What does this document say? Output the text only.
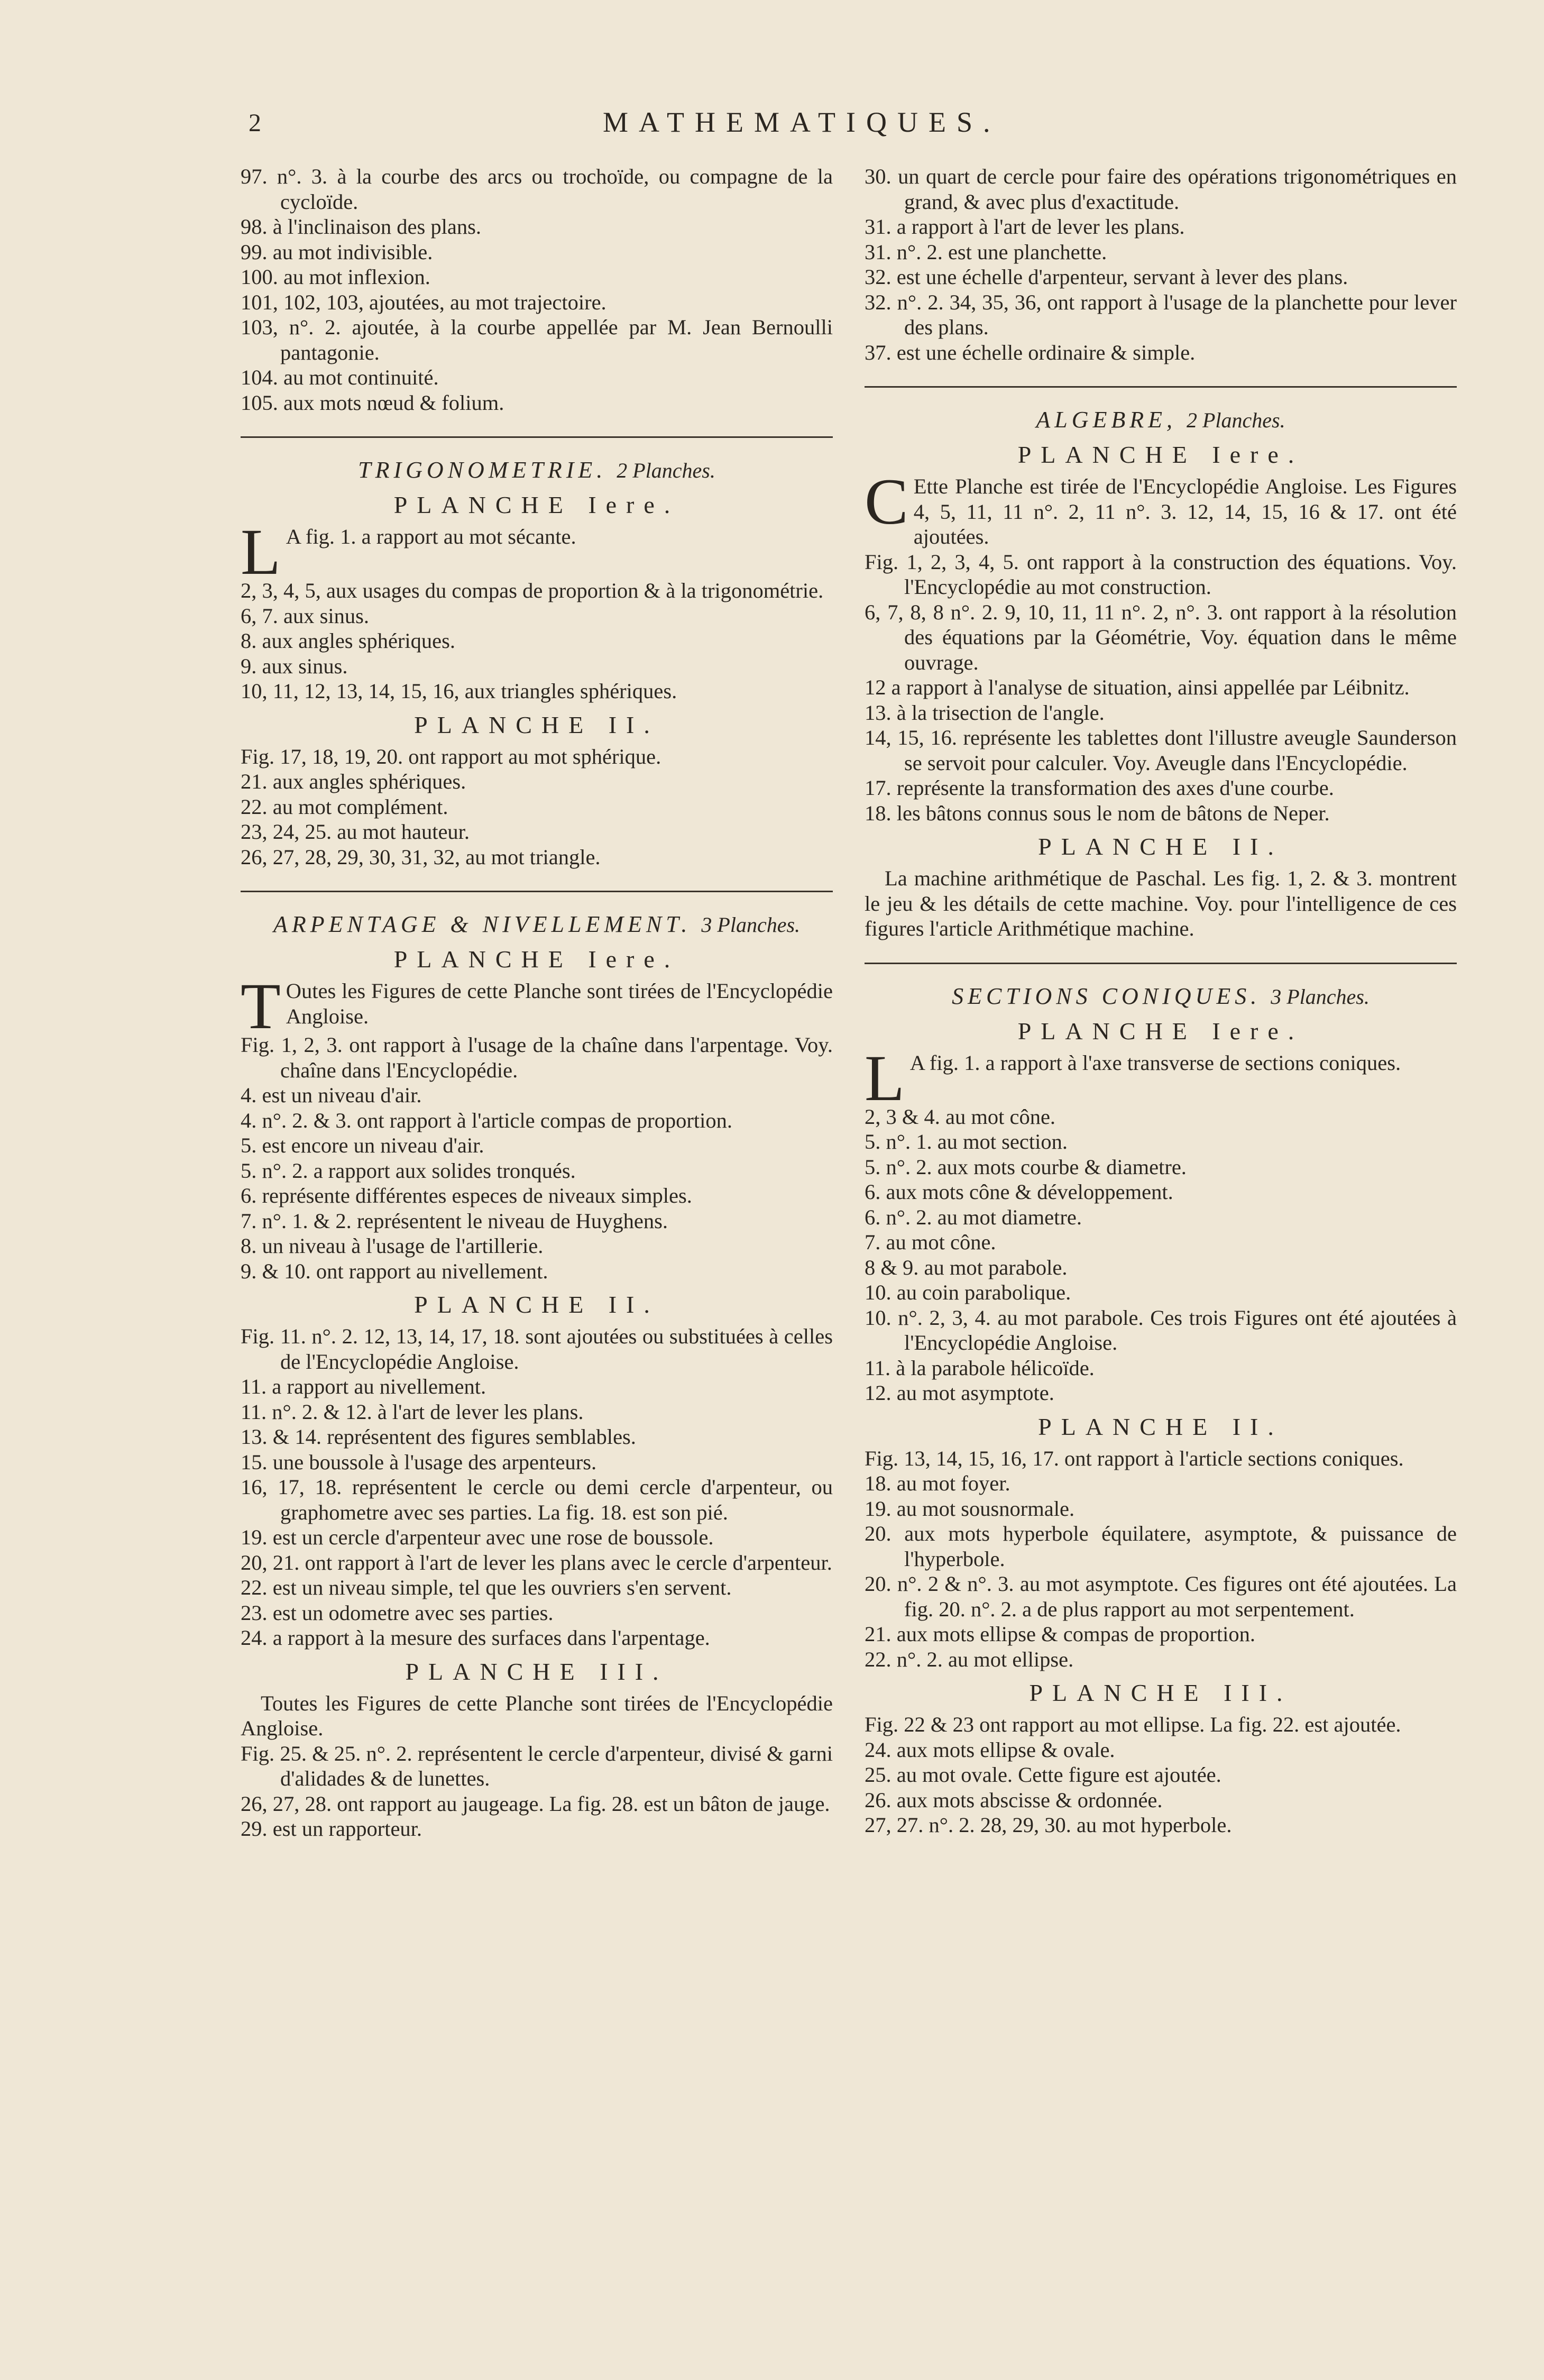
2	MATHEMATIQUES.

97. n°. 3. à la courbe des arcs ou trochoïde, ou compagne de la cycloïde.

98. à l'inclinaison des plans.

99. au mot indivisible.

100. au mot inflexion.

101, 102, 103, ajoutées, au mot trajectoire.

103, n°. 2. ajoutée, à la courbe appellée par M. Jean Bernoulli pantagonie.

104. au mot continuité.

105. aux mots nœud & folium.

TRIGONOMETRIE. 2 Planches.
PLANCHE Iere.

L A fig. 1. a rapport au mot sécante.

2, 3, 4, 5, aux usages du compas de proportion & à la trigonométrie.

6, 7. aux sinus.

8. aux angles sphériques.

9. aux sinus.

10, 11, 12, 13, 14, 15, 16, aux triangles sphériques.

PLANCHE II.

Fig. 17, 18, 19, 20. ont rapport au mot sphérique.

21. aux angles sphériques.

22. au mot complément.

23, 24, 25. au mot hauteur.

26, 27, 28, 29, 30, 31, 32, au mot triangle.

ARPENTAGE & NIVELLEMENT. 3 Planches.
PLANCHE Iere.

T Outes les Figures de cette Planche sont tirées de l'Encyclopédie Angloise.

Fig. 1, 2, 3. ont rapport à l'usage de la chaîne dans l'arpentage. Voy. chaîne dans l'Encyclopédie.

4. est un niveau d'air.

4. n°. 2. & 3. ont rapport à l'article compas de proportion.

5. est encore un niveau d'air.

5. n°. 2. a rapport aux solides tronqués.

6. représente différentes especes de niveaux simples.

7. n°. 1. & 2. représentent le niveau de Huyghens.

8. un niveau à l'usage de l'artillerie.

9. & 10. ont rapport au nivellement.

PLANCHE II.

Fig. 11. n°. 2. 12, 13, 14, 17, 18. sont ajoutées ou substituées à celles de l'Encyclopédie Angloise.

11. a rapport au nivellement.

11. n°. 2. & 12. à l'art de lever les plans.

13. & 14. représentent des figures semblables.

15. une boussole à l'usage des arpenteurs.

16, 17, 18. représentent le cercle ou demi cercle d'arpenteur, ou graphometre avec ses parties. La fig. 18. est son pié.

19. est un cercle d'arpenteur avec une rose de boussole.

20, 21. ont rapport à l'art de lever les plans avec le cercle d'arpenteur.

22. est un niveau simple, tel que les ouvriers s'en servent.

23. est un odometre avec ses parties.

24. a rapport à la mesure des surfaces dans l'arpentage.

PLANCHE III.

Toutes les Figures de cette Planche sont tirées de l'Encyclopédie Angloise.

Fig. 25. & 25. n°. 2. représentent le cercle d'arpenteur, divisé & garni d'alidades & de lunettes.

26, 27, 28. ont rapport au jaugeage. La fig. 28. est un bâton de jauge.

29. est un rapporteur.

30. un quart de cercle pour faire des opérations trigonométriques en grand, & avec plus d'exactitude.

31. a rapport à l'art de lever les plans.

31. n°. 2. est une planchette.

32. est une échelle d'arpenteur, servant à lever des plans.

32. n°. 2. 34, 35, 36, ont rapport à l'usage de la planchette pour lever des plans.

37. est une échelle ordinaire & simple.

ALGEBRE, 2 Planches.
PLANCHE Iere.

C Ette Planche est tirée de l'Encyclopédie Angloise. Les Figures 4, 5, 11, 11 n°. 2, 11 n°. 3. 12, 14, 15, 16 & 17. ont été ajoutées.

Fig. 1, 2, 3, 4, 5. ont rapport à la construction des équations. Voy. l'Encyclopédie au mot construction.

6, 7, 8, 8 n°. 2. 9, 10, 11, 11 n°. 2, n°. 3. ont rapport à la résolution des équations par la Géométrie, Voy. équation dans le même ouvrage.

12 a rapport à l'analyse de situation, ainsi appellée par Léibnitz.

13. à la trisection de l'angle.

14, 15, 16. représente les tablettes dont l'illustre aveugle Saunderson se servoit pour calculer. Voy. Aveugle dans l'Encyclopédie.

17. représente la transformation des axes d'une courbe.

18. les bâtons connus sous le nom de bâtons de Neper.

PLANCHE II.

La machine arithmétique de Paschal. Les fig. 1, 2. & 3. montrent le jeu & les détails de cette machine. Voy. pour l'intelligence de ces figures l'article Arithmétique machine.

SECTIONS CONIQUES. 3 Planches.
PLANCHE Iere.

L A fig. 1. a rapport à l'axe transverse de sections coniques.

2, 3 & 4. au mot cône.

5. n°. 1. au mot section.

5. n°. 2. aux mots courbe & diametre.

6. aux mots cône & développement.

6. n°. 2. au mot diametre.

7. au mot cône.

8 & 9. au mot parabole.

10. au coin parabolique.

10. n°. 2, 3, 4. au mot parabole. Ces trois Figures ont été ajoutées à l'Encyclopédie Angloise.

11. à la parabole hélicoïde.

12. au mot asymptote.

PLANCHE II.

Fig. 13, 14, 15, 16, 17. ont rapport à l'article sections coniques.

18. au mot foyer.

19. au mot sousnormale.

20. aux mots hyperbole équilatere, asymptote, & puissance de l'hyperbole.

20. n°. 2 & n°. 3. au mot asymptote. Ces figures ont été ajoutées. La fig. 20. n°. 2. a de plus rapport au mot serpentement.

21. aux mots ellipse & compas de proportion.

22. n°. 2. au mot ellipse.

PLANCHE III.

Fig. 22 & 23 ont rapport au mot ellipse. La fig. 22. est ajoutée.

24. aux mots ellipse & ovale.

25. au mot ovale. Cette figure est ajoutée.

26. aux mots abscisse & ordonnée.

27, 27. n°. 2. 28, 29, 30. au mot hyperbole.
